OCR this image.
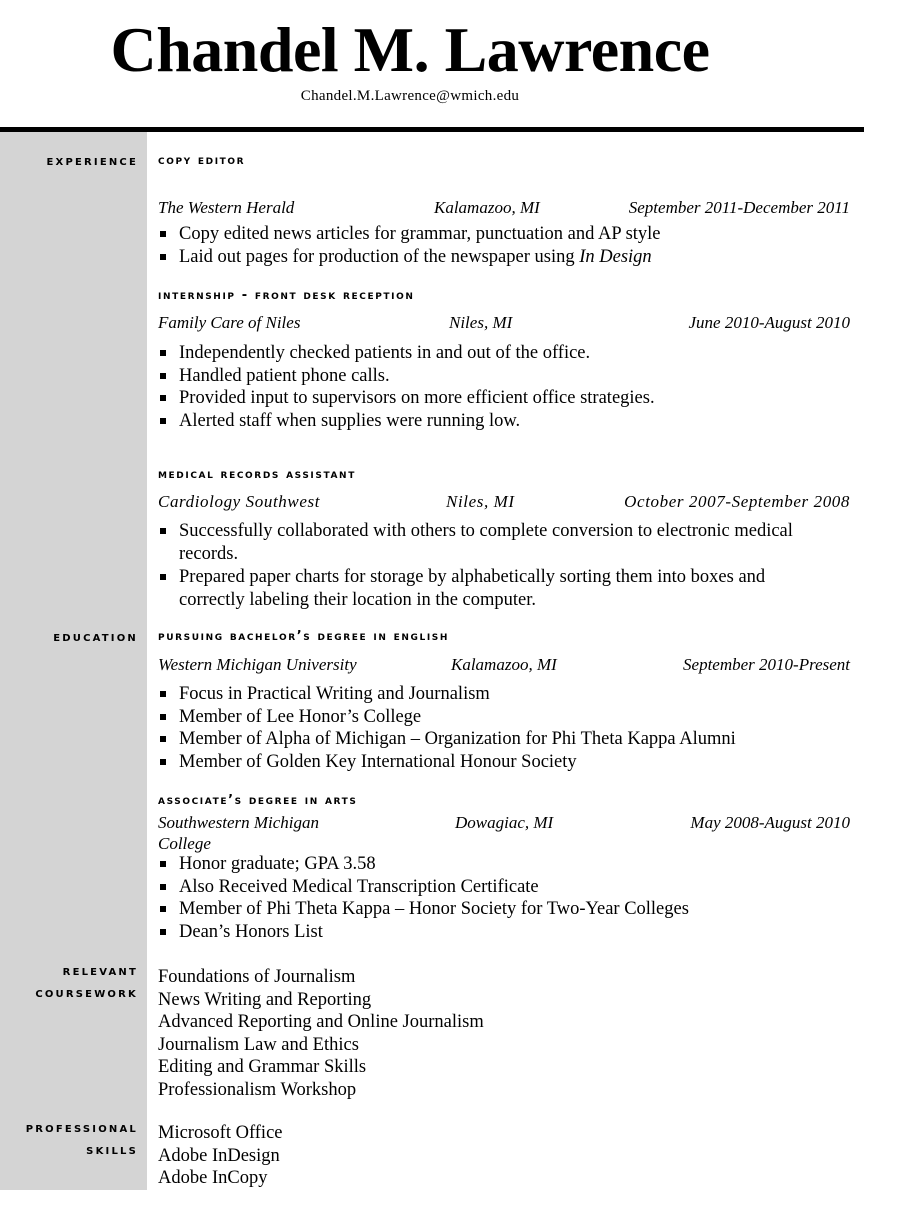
Chandel M. Lawrence
Chandel.M.Lawrence@wmich.edu
experience
education
relevant
coursework
professional
skills
copy editor
The Western Herald	Kalamazoo, MI	September 2011-December 2011
Copy edited news articles for grammar, punctuation and AP style
Laid out pages for production of the newspaper using In Design
internship - front desk reception
Family Care of Niles	Niles, MI	June 2010-August 2010
Independently checked patients in and out of the office.
Handled patient phone calls.
Provided input to supervisors on more efficient office strategies.
Alerted staff when supplies were running low.
medical records assistant
Cardiology Southwest	Niles, MI	October 2007-September 2008
Successfully collaborated with others to complete conversion to electronic medical records.
Prepared paper charts for storage by alphabetically sorting them into boxes and correctly labeling their location in the computer.
pursuing bachelor’s degree in english
Western Michigan University	Kalamazoo, MI	September 2010-Present
Focus in Practical Writing and Journalism
Member of Lee Honor’s College
Member of Alpha of Michigan – Organization for Phi Theta Kappa Alumni
Member of Golden Key International Honour Society
associate’s degree in arts
Southwestern Michigan
College
Dowagiac, MI	May 2008-August 2010
Honor graduate; GPA 3.58
Also Received Medical Transcription Certificate
Member of Phi Theta Kappa – Honor Society for Two-Year Colleges
Dean’s Honors List
Foundations of Journalism
News Writing and Reporting
Advanced Reporting and Online Journalism
Journalism Law and Ethics
Editing and Grammar Skills
Professionalism Workshop
Microsoft Office
Adobe InDesign
Adobe InCopy
